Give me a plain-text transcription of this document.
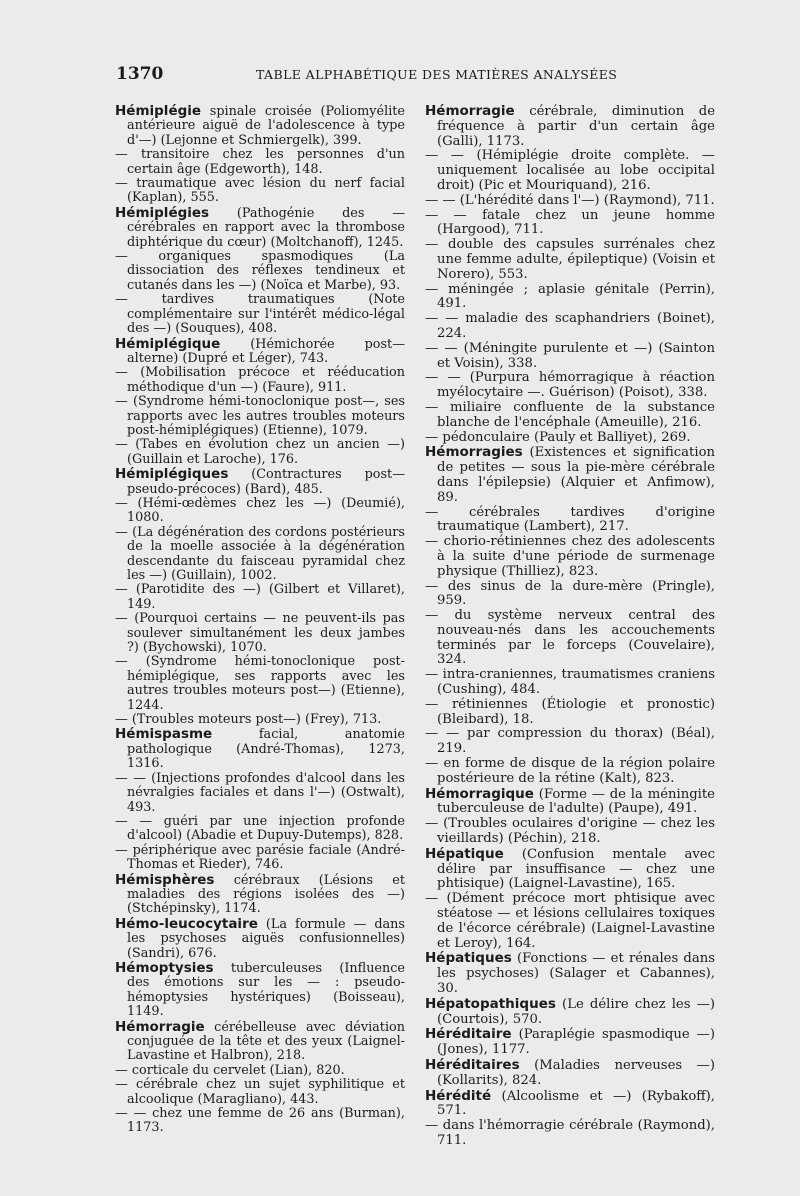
1370	TABLE ALPHABÉTIQUE DES MATIÈRES ANALYSÉES

Hémiplégie spinale croisée (Poliomyélite antérieure aiguë de l'adolescence à type d'—) (Lejonne et Schmiergelk), 399.

— transitoire chez les personnes d'un certain âge (Edgeworth), 148.

— traumatique avec lésion du nerf facial (Kaplan), 555.

Hémiplégies (Pathogénie des — cérébrales en rapport avec la thrombose diphtérique du cœur) (Moltchanoff), 1245.

— organiques spasmodiques (La dissociation des réflexes tendineux et cutanés dans les —) (Noïca et Marbe), 93.

— tardives traumatiques (Note complémentaire sur l'intérêt médico-légal des —) (Souques), 408.

Hémiplégique (Hémichorée post— alterne) (Dupré et Léger), 743.

— (Mobilisation précoce et rééducation méthodique d'un —) (Faure), 911.

— (Syndrome hémi-tonoclonique post—, ses rapports avec les autres troubles moteurs post-hémiplégiques) (Etienne), 1079.

— (Tabes en évolution chez un ancien —) (Guillain et Laroche), 176.

Hémiplégiques (Contractures post—pseudo-précoces) (Bard), 485.

— (Hémi-œdèmes chez les —) (Deumié), 1080.

— (La dégénération des cordons postérieurs de la moelle associée à la dégénération descendante du faisceau pyramidal chez les —) (Guillain), 1002.

— (Parotidite des —) (Gilbert et Villaret), 149.

— (Pourquoi certains — ne peuvent-ils pas soulever simultanément les deux jambes ?) (Bychowski), 1070.

— (Syndrome hémi-tonoclonique post-hémiplégique, ses rapports avec les autres troubles moteurs post—) (Etienne), 1244.

— (Troubles moteurs post—) (Frey), 713.

Hémispasme facial, anatomie pathologique (André-Thomas), 1273, 1316.

— — (Injections profondes d'alcool dans les névralgies faciales et dans l'—) (Ostwalt), 493.

— — guéri par une injection profonde d'alcool) (Abadie et Dupuy-Dutemps), 828.

— périphérique avec parésie faciale (André-Thomas et Rieder), 746.

Hémisphères cérébraux (Lésions et maladies des régions isolées des —) (Stchépinsky), 1174.

Hémo-leucocytaire (La formule — dans les psychoses aiguës confusionnelles) (Sandri), 676.

Hémoptysies tuberculeuses (Influence des émotions sur les — : pseudo-hémoptysies hystériques) (Boisseau), 1149.

Hémorragie cérébelleuse avec déviation conjuguée de la tête et des yeux (Laignel-Lavastine et Halbron), 218.

— corticale du cervelet (Lian), 820.

— cérébrale chez un sujet syphilitique et alcoolique (Maragliano), 443.

— — chez une femme de 26 ans (Burman), 1173.

Hémorragie cérébrale, diminution de fréquence à partir d'un certain âge (Galli), 1173.

— — (Hémiplégie droite complète. — uniquement localisée au lobe occipital droit) (Pic et Mouriquand), 216.

— — (L'hérédité dans l'—) (Raymond), 711.

— — fatale chez un jeune homme (Hargood), 711.

— double des capsules surrénales chez une femme adulte, épileptique) (Voisin et Norero), 553.

— méningée ; aplasie génitale (Perrin), 491.

— — maladie des scaphandriers (Boinet), 224.

— — (Méningite purulente et —) (Sainton et Voisin), 338.

— — (Purpura hémorragique à réaction myélocytaire —. Guérison) (Poisot), 338.

— miliaire confluente de la substance blanche de l'encéphale (Ameuille), 216.

— pédonculaire (Pauly et Balliyet), 269.

Hémorragies (Existences et signification de petites — sous la pie-mère cérébrale dans l'épilepsie) (Alquier et Anfimow), 89.

— cérébrales tardives d'origine traumatique (Lambert), 217.

— chorio-rétiniennes chez des adolescents à la suite d'une période de surmenage physique (Thilliez), 823.

— des sinus de la dure-mère (Pringle), 959.

— du système nerveux central des nouveau-nés dans les accouchements terminés par le forceps (Couvelaire), 324.

— intra-craniennes, traumatismes craniens (Cushing), 484.

— rétiniennes (Étiologie et pronostic) (Bleibard), 18.

— — par compression du thorax) (Béal), 219.

— en forme de disque de la région polaire postérieure de la rétine (Kalt), 823.

Hémorragique (Forme — de la méningite tuberculeuse de l'adulte) (Paupe), 491.

— (Troubles oculaires d'origine — chez les vieillards) (Péchin), 218.

Hépatique (Confusion mentale avec délire par insuffisance — chez une phtisique) (Laignel-Lavastine), 165.

— (Dément précoce mort phtisique avec stéatose — et lésions cellulaires toxiques de l'écorce cérébrale) (Laignel-Lavastine et Leroy), 164.

Hépatiques (Fonctions — et rénales dans les psychoses) (Salager et Cabannes), 30.

Hépatopathiques (Le délire chez les —) (Courtois), 570.

Héréditaire (Paraplégie spasmodique —) (Jones), 1177.

Héréditaires (Maladies nerveuses —) (Kollarits), 824.

Hérédité (Alcoolisme et —) (Rybakoff), 571.

— dans l'hémorragie cérébrale (Raymond), 711.
